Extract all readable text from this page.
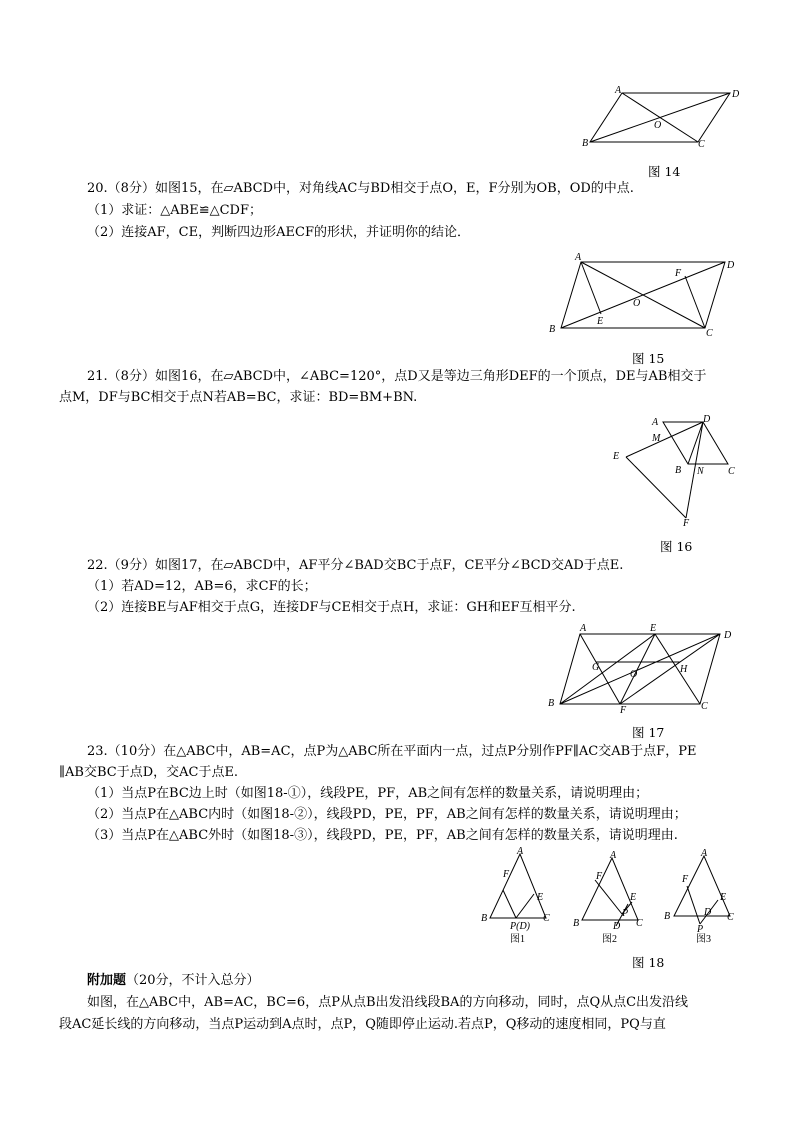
A	D
O
B	C
图 14
20.（8分）如图15，在▱ABCD中，对角线AC与BD相交于点O，E，F分别为OB，OD的中点.
（1）求证：△ABE≌△CDF；
（2）连接AF，CE，判断四边形AECF的形状，并证明你的结论．
A
D
F
O
E
B	C
图 15
21.（8分）如图16，在▱ABCD中，∠ABC=120°，点D又是等边三角形DEF的一个顶点，DE与AB相交于
点M，DF与BC相交于点N若AB=BC，求证：BD=BM+BN.
A	D
M
E
B N C
F
图 16
22.（9分）如图17，在▱ABCD中，AF平分∠BAD交BC于点F，CE平分∠BCD交AD于点E.
（1）若AD=12，AB=6，求CF的长；
（2）连接BE与AF相交于点G，连接DF与CE相交于点H，求证：GH和EF互相平分.
A	E
D
G
O	H
B
F	C
图 17
23.（10分）在△ABC中，AB=AC，点P为△ABC所在平面内一点，过点P分别作PF∥AC交AB于点F，PE
∥AB交BC于点D，交AC于点E.
（1）当点P在BC边上时（如图18-①），线段PE，PF，AB之间有怎样的数量关系，请说明理由；
（2）当点P在△ABC内时（如图18-②），线段PD，PE，PF，AB之间有怎样的数量关系，请说明理由；
（3）当点P在△ABC外时（如图18-③），线段PD，PE，PF，AB之间有怎样的数量关系，请说明理由.
A
F
E
B
P(D)
C
图1
A
F
E
P
B	D C
图2
图 18
A
F
E
D
B
P
C
图3
附加题（20分，不计入总分）
如图，在△ABC中，AB=AC，BC=6，点P从点B出发沿线段BA的方向移动，同时，点Q从点C出发沿线
段AC延长线的方向移动，当点P运动到A点时，点P，Q随即停止运动.若点P，Q移动的速度相同，PQ与直
